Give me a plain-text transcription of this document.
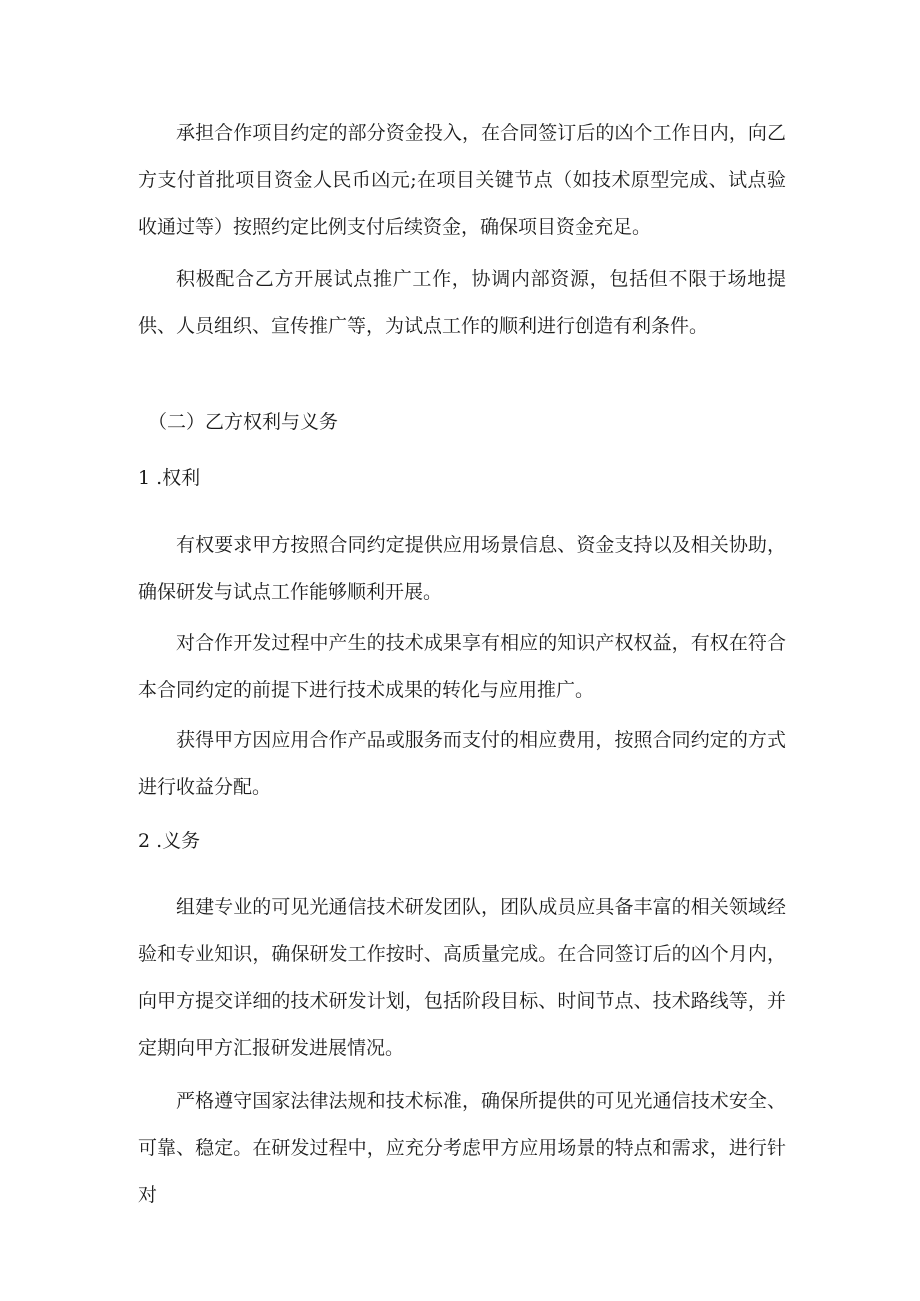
承担合作项目约定的部分资金投入，在合同签订后的凶个工作日内，向乙方支付首批项目资金人民币凶元;在项目关键节点（如技术原型完成、试点验收通过等）按照约定比例支付后续资金，确保项目资金充足。

积极配合乙方开展试点推广工作，协调内部资源，包括但不限于场地提供、人员组织、宣传推广等，为试点工作的顺利进行创造有利条件。

（二）乙方权利与义务
1 .权利

有权要求甲方按照合同约定提供应用场景信息、资金支持以及相关协助，确保研发与试点工作能够顺利开展。

对合作开发过程中产生的技术成果享有相应的知识产权权益，有权在符合本合同约定的前提下进行技术成果的转化与应用推广。

获得甲方因应用合作产品或服务而支付的相应费用，按照合同约定的方式进行收益分配。

2 .义务

组建专业的可见光通信技术研发团队，团队成员应具备丰富的相关领域经验和专业知识，确保研发工作按时、高质量完成。在合同签订后的凶个月内，向甲方提交详细的技术研发计划，包括阶段目标、时间节点、技术路线等，并定期向甲方汇报研发进展情况。

严格遵守国家法律法规和技术标准，确保所提供的可见光通信技术安全、可靠、稳定。在研发过程中，应充分考虑甲方应用场景的特点和需求，进行针对
